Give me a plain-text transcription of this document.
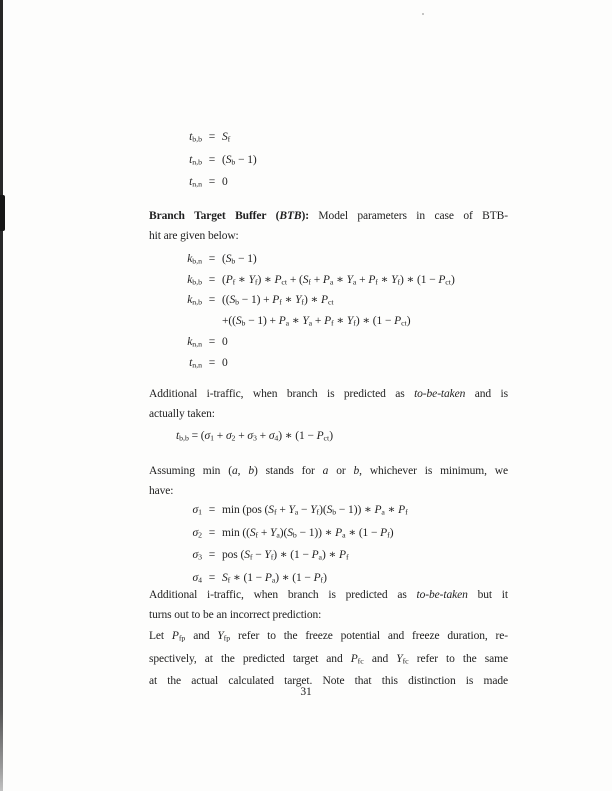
tb,b = Sf
tn,b = (Sb − 1)
tn,n = 0
Branch Target Buffer (BTB): Model parameters in case of BTB-
hit are given below:
kb,n = (Sb − 1)
kb,b = (Pf ∗ Yf) ∗ Pct + (Sf + Pa ∗ Ya + Pf ∗ Yf) ∗ (1 − Pct)
kn,b = ((Sb − 1) + Pf ∗ Yf) ∗ Pct
+((Sb − 1) + Pa ∗ Ya + Pf ∗ Yf) ∗ (1 − Pct)
kn,n = 0
tn,n = 0
Additional i-traffic, when branch is predicted as to-be-taken and is
actually taken:
tb,b = (σ1 + σ2 + σ3 + σ4) ∗ (1 − Pct)
Assuming min (a, b) stands for a or b, whichever is minimum, we
have:
σ1 = min (pos (Sf + Ya − Yf)(Sb − 1)) ∗ Pa ∗ Pf
σ2 = min ((Sf + Ya)(Sb − 1)) ∗ Pa ∗ (1 − Pf)
σ3 = pos (Sf − Yf) ∗ (1 − Pa) ∗ Pf
σ4 = Sf ∗ (1 − Pa) ∗ (1 − Pf)
Additional i-traffic, when branch is predicted as to-be-taken but it
turns out to be an incorrect prediction:
Let Pfp and Yfp refer to the freeze potential and freeze duration, re-
spectively, at the predicted target and Pfc and Yfc refer to the same
at the actual calculated target. Note that this distinction is made
31
